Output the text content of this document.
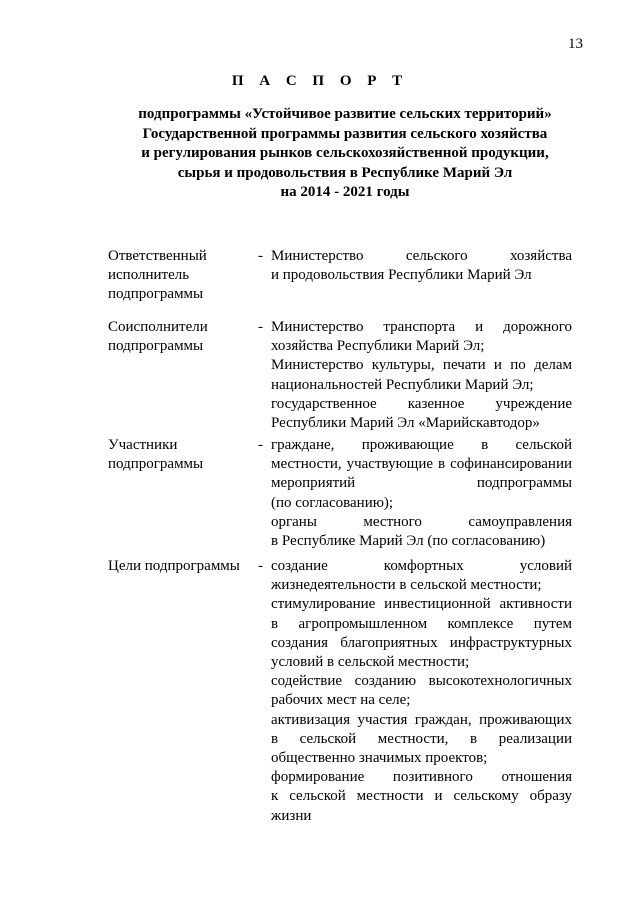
13
П А С П О Р Т
подпрограммы «Устойчивое развитие сельских территорий»
Государственной программы развития сельского хозяйства
и регулирования рынков сельскохозяйственной продукции,
сырья и продовольствия в Республике Марий Эл
на 2014 - 2021 годы
Ответственный
исполнитель
подпрограммы
- Министерство сельского хозяйства
и продовольствия Республики Марий Эл
Соисполнители
подпрограммы
- Министерство транспорта и дорожного
хозяйства Республики Марий Эл;
Министерство культуры, печати и по делам
национальностей Республики Марий Эл;
государственное казенное учреждение
Республики Марий Эл «Марийскавтодор»
Участники
подпрограммы
- граждане, проживающие в сельской
местности, участвующие в софинансировании
мероприятий подпрограммы
(по согласованию);
органы местного самоуправления
в Республике Марий Эл (по согласованию)
Цели подпрограммы	- создание комфортных условий
жизнедеятельности в сельской местности;
стимулирование инвестиционной активности
в агропромышленном комплексе путем
создания благоприятных инфраструктурных
условий в сельской местности;
содействие созданию высокотехнологичных
рабочих мест на селе;
активизация участия граждан, проживающих
в сельской местности, в реализации
общественно значимых проектов;
формирование позитивного отношения
к сельской местности и сельскому образу
жизни
